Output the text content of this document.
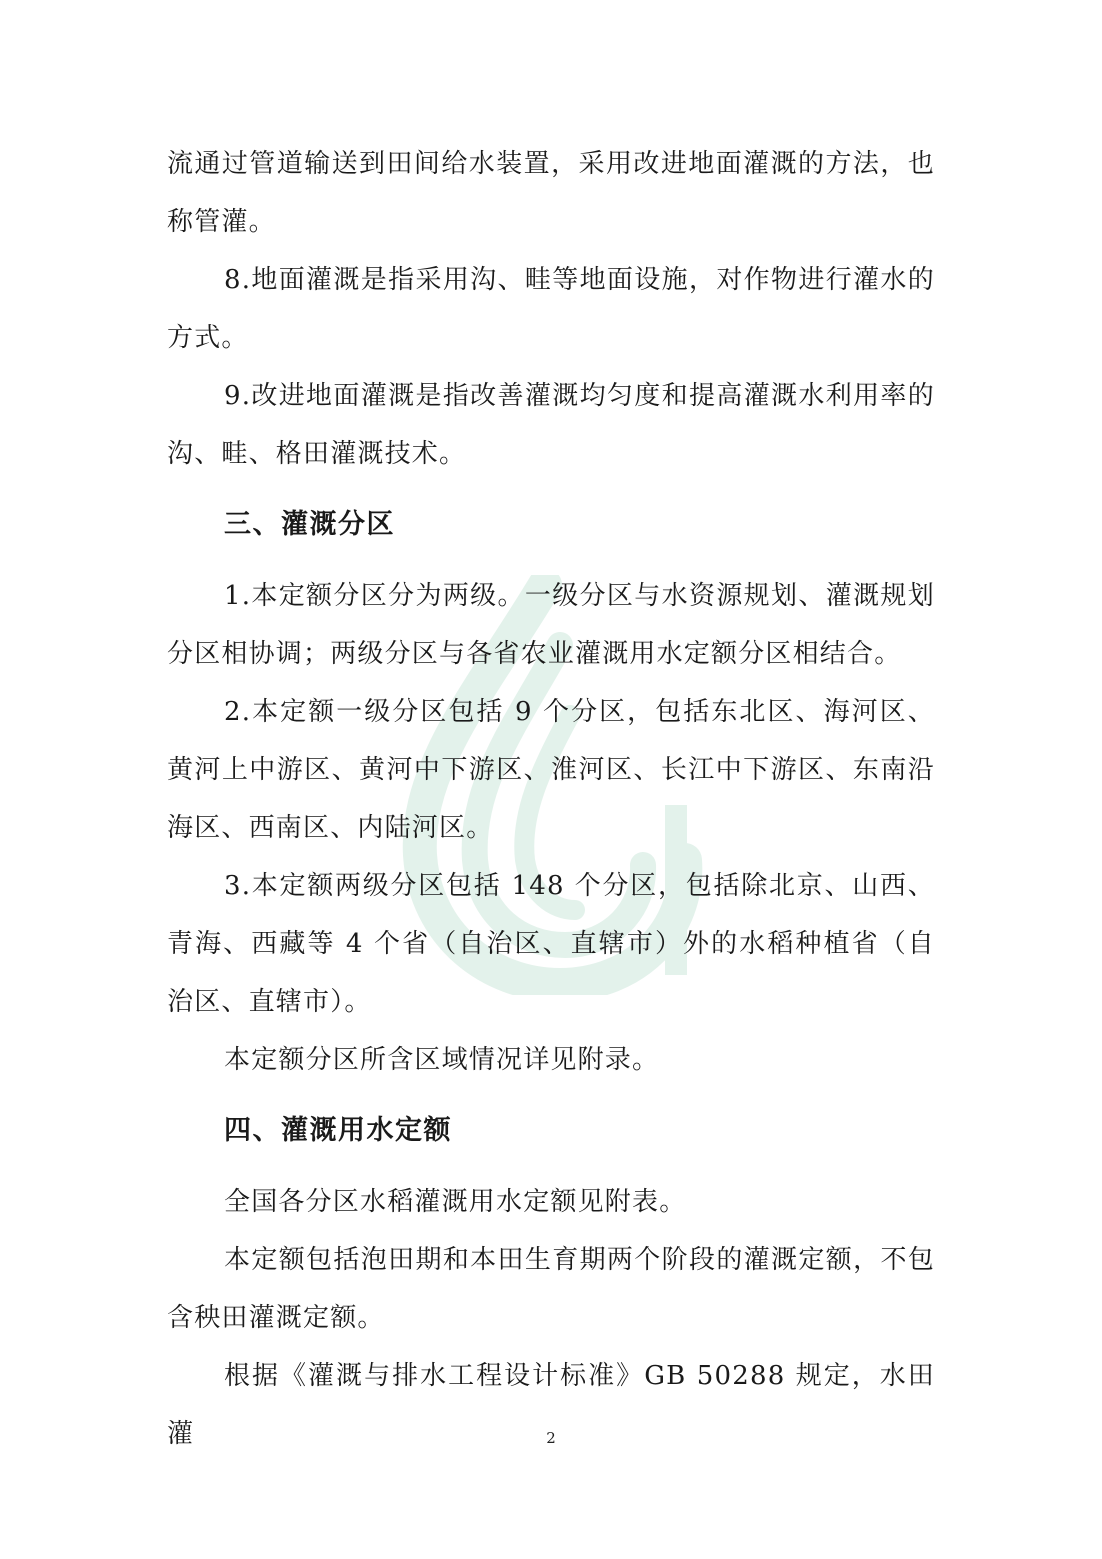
流通过管道输送到田间给水装置，采用改进地面灌溉的方法，也称管灌。

8.地面灌溉是指采用沟、畦等地面设施，对作物进行灌水的方式。

9.改进地面灌溉是指改善灌溉均匀度和提高灌溉水利用率的沟、畦、格田灌溉技术。

三、灌溉分区

1.本定额分区分为两级。一级分区与水资源规划、灌溉规划分区相协调；两级分区与各省农业灌溉用水定额分区相结合。

2.本定额一级分区包括 9 个分区，包括东北区、海河区、黄河上中游区、黄河中下游区、淮河区、长江中下游区、东南沿海区、西南区、内陆河区。

3.本定额两级分区包括 148 个分区，包括除北京、山西、青海、西藏等 4 个省（自治区、直辖市）外的水稻种植省（自治区、直辖市）。

本定额分区所含区域情况详见附录。

四、灌溉用水定额

全国各分区水稻灌溉用水定额见附表。

本定额包括泡田期和本田生育期两个阶段的灌溉定额，不包含秧田灌溉定额。

根据《灌溉与排水工程设计标准》GB 50288 规定，水田灌	2
